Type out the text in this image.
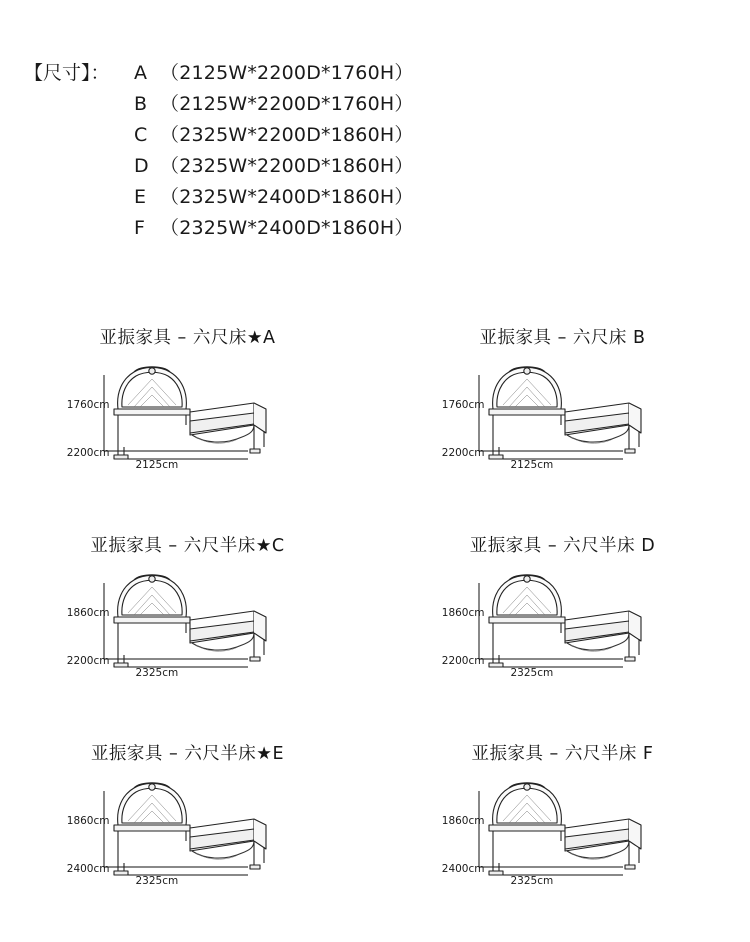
【尺寸】：	A （2125W*2200D*1760H）
B （2125W*2200D*1760H）
C （2325W*2200D*1860H）
D （2325W*2200D*1860H）
E （2325W*2400D*1860H）
F （2325W*2400D*1860H）
亚振家具 – 六尺床★A
1760cm
2200cm
2125cm
亚振家具 – 六尺床 B
1760cm
2200cm
2125cm
亚振家具 – 六尺半床★C
1860cm
2200cm
2325cm
亚振家具 – 六尺半床 D
1860cm
2200cm
2325cm
亚振家具 – 六尺半床★E
1860cm
2400cm
2325cm
亚振家具 – 六尺半床 F
1860cm
2400cm
2325cm
